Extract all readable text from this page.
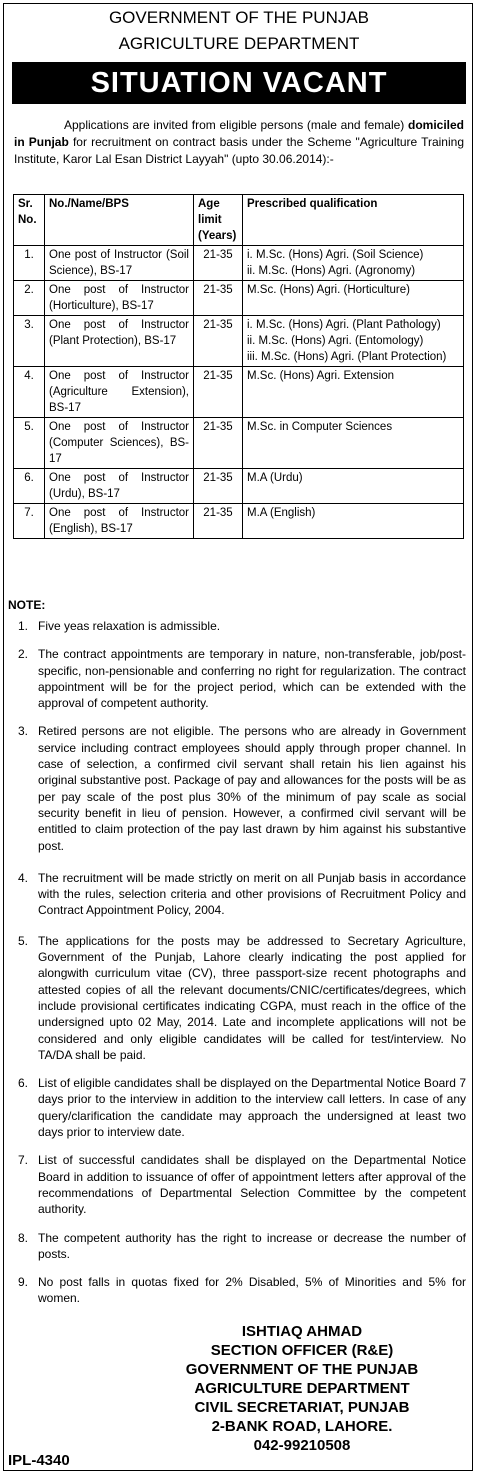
GOVERNMENT OF THE PUNJAB
AGRICULTURE DEPARTMENT
SITUATION VACANT
Applications are invited from eligible persons (male and female) domiciled in Punjab for recruitment on contract basis under the Scheme "Agriculture Training Institute, Karor Lal Esan District Layyah" (upto 30.06.2014):-
Sr. No.	No./Name/BPS	Age limit (Years)	Prescribed qualification
1.	One post of Instructor (Soil Science), BS-17	21-35	i. M.Sc. (Hons) Agri. (Soil Science)
ii. M.Sc. (Hons) Agri. (Agronomy)

2.	One post of Instructor (Horticulture), BS-17	21-35	M.Sc. (Hons) Agri. (Horticulture)

3.	One post of Instructor (Plant Protection), BS-17	21-35	i. M.Sc. (Hons) Agri. (Plant Pathology)
ii. M.Sc. (Hons) Agri. (Entomology)
iii. M.Sc. (Hons) Agri. (Plant Protection)

4.	One post of Instructor (Agriculture Extension), BS-17	21-35	M.Sc. (Hons) Agri. Extension

5.	One post of Instructor (Computer Sciences), BS-17	21-35	M.Sc. in Computer Sciences

6.	One post of Instructor (Urdu), BS-17	21-35	M.A (Urdu)

7.	One post of Instructor (English), BS-17	21-35	M.A (English)
NOTE:
1. Five yeas relaxation is admissible.
2. The contract appointments are temporary in nature, non-transferable, job/post-specific, non-pensionable and conferring no right for regularization. The contract appointment will be for the project period, which can be extended with the approval of competent authority.
3. Retired persons are not eligible. The persons who are already in Government service including contract employees should apply through proper channel. In case of selection, a confirmed civil servant shall retain his lien against his original substantive post. Package of pay and allowances for the posts will be as per pay scale of the post plus 30% of the minimum of pay scale as social security benefit in lieu of pension. However, a confirmed civil servant will be entitled to claim protection of the pay last drawn by him against his substantive post.
4. The recruitment will be made strictly on merit on all Punjab basis in accordance with the rules, selection criteria and other provisions of Recruitment Policy and Contract Appointment Policy, 2004.
5. The applications for the posts may be addressed to Secretary Agriculture, Government of the Punjab, Lahore clearly indicating the post applied for alongwith curriculum vitae (CV), three passport-size recent photographs and attested copies of all the relevant documents/CNIC/certificates/degrees, which include provisional certificates indicating CGPA, must reach in the office of the undersigned upto 02 May, 2014. Late and incomplete applications will not be considered and only eligible candidates will be called for test/interview. No TA/DA shall be paid.
6. List of eligible candidates shall be displayed on the Departmental Notice Board 7 days prior to the interview in addition to the interview call letters. In case of any query/clarification the candidate may approach the undersigned at least two days prior to interview date.
7. List of successful candidates shall be displayed on the Departmental Notice Board in addition to issuance of offer of appointment letters after approval of the recommendations of Departmental Selection Committee by the competent authority.
8. The competent authority has the right to increase or decrease the number of posts.
9. No post falls in quotas fixed for 2% Disabled, 5% of Minorities and 5% for women.
ISHTIAQ AHMAD
SECTION OFFICER (R&E)
GOVERNMENT OF THE PUNJAB
AGRICULTURE DEPARTMENT
CIVIL SECRETARIAT, PUNJAB
2-BANK ROAD, LAHORE.
042-99210508
IPL-4340
